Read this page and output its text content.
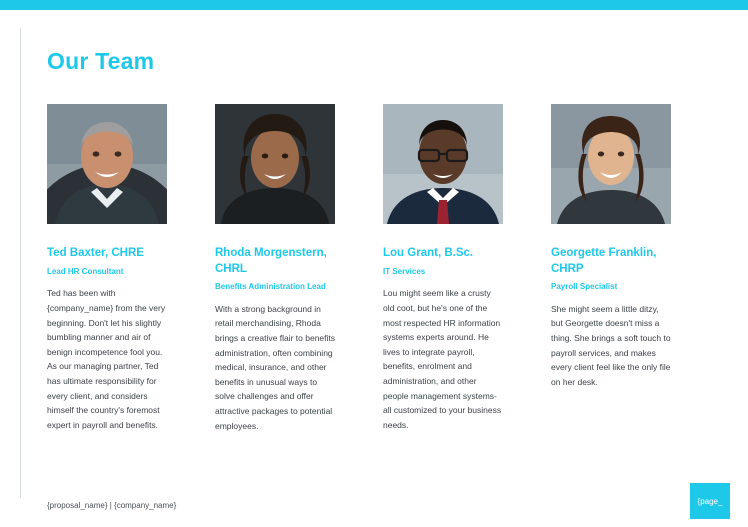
Our Team
Ted Baxter, CHRE
Lead HR Consultant
Ted has been with {company_name} from the very beginning. Don't let his slightly bumbling manner and air of benign incompetence fool you. As our managing partner, Ted has ultimate responsibility for every client, and considers himself the country's foremost expert in payroll and benefits.
Rhoda Morgenstern, CHRL
Benefits Administration Lead
With a strong background in retail merchandising, Rhoda brings a creative flair to benefits administration, often combining medical, insurance, and other benefits in unusual ways to solve challenges and offer attractive packages to potential employees.
Lou Grant, B.Sc.
IT Services
Lou might seem like a crusty old coot, but he's one of the most respected HR information systems experts around. He lives to integrate payroll, benefits, enrolment and administration, and other people management systems-all customized to your business needs.
Georgette Franklin, CHRP
Payroll Specialist
She might seem a little ditzy, but Georgette doesn't miss a thing. She brings a soft touch to payroll services, and makes every client feel like the only file on her desk.
{proposal_name} | {company_name}	{page_
